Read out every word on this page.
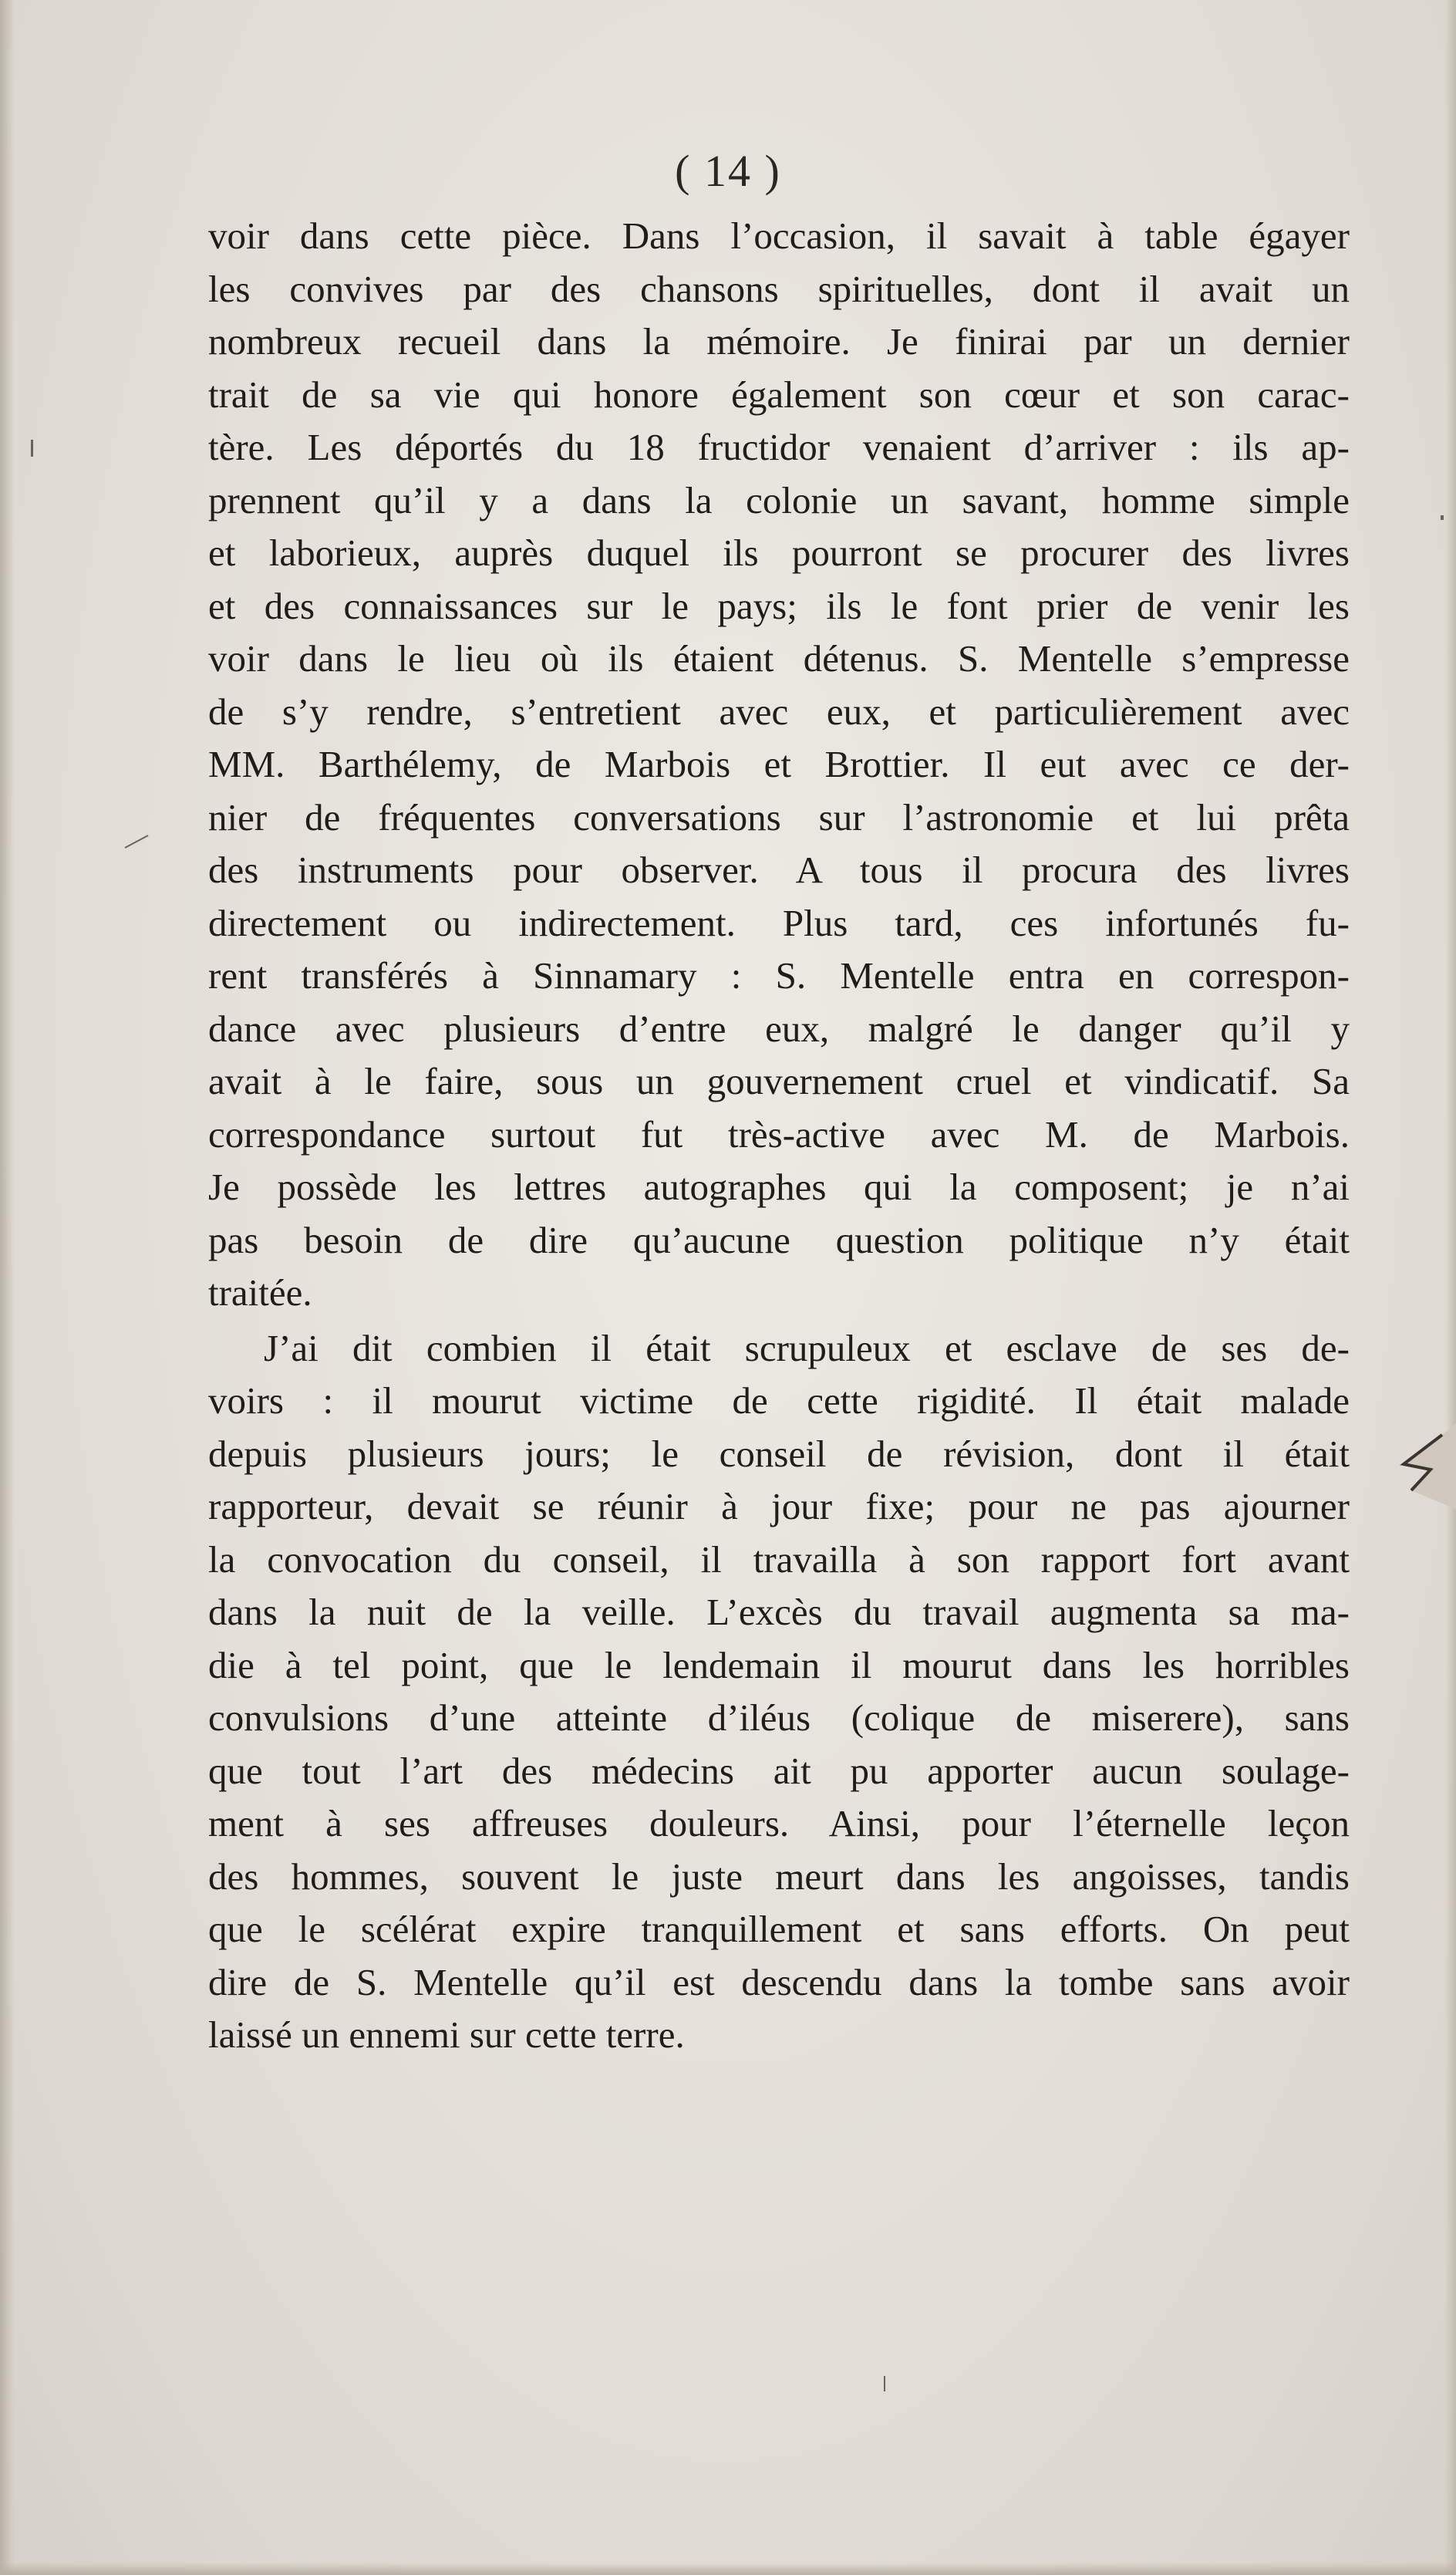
( 14 )
voir dans cette pièce. Dans l’occasion, il savait à table égayer
les convives par des chansons spirituelles, dont il avait un
nombreux recueil dans la mémoire. Je finirai par un dernier
trait de sa vie qui honore également son cœur et son carac-
tère. Les déportés du 18 fructidor venaient d’arriver : ils ap-
prennent qu’il y a dans la colonie un savant, homme simple
et laborieux, auprès duquel ils pourront se procurer des livres
et des connaissances sur le pays; ils le font prier de venir les
voir dans le lieu où ils étaient détenus. S. Mentelle s’empresse
de s’y rendre, s’entretient avec eux, et particulièrement avec
MM. Barthélemy, de Marbois et Brottier. Il eut avec ce der-
nier de fréquentes conversations sur l’astronomie et lui prêta
des instruments pour observer. A tous il procura des livres
directement ou indirectement. Plus tard, ces infortunés fu-
rent transférés à Sinnamary : S. Mentelle entra en correspon-
dance avec plusieurs d’entre eux, malgré le danger qu’il y
avait à le faire, sous un gouvernement cruel et vindicatif. Sa
correspondance surtout fut très-active avec M. de Marbois.
Je possède les lettres autographes qui la composent; je n’ai
pas besoin de dire qu’aucune question politique n’y était
traitée.
J’ai dit combien il était scrupuleux et esclave de ses de-
voirs : il mourut victime de cette rigidité. Il était malade
depuis plusieurs jours; le conseil de révision, dont il était
rapporteur, devait se réunir à jour fixe; pour ne pas ajourner
la convocation du conseil, il travailla à son rapport fort avant
dans la nuit de la veille. L’excès du travail augmenta sa ma-
die à tel point, que le lendemain il mourut dans les horribles
convulsions d’une atteinte d’iléus (colique de miserere), sans
que tout l’art des médecins ait pu apporter aucun soulage-
ment à ses affreuses douleurs. Ainsi, pour l’éternelle leçon
des hommes, souvent le juste meurt dans les angoisses, tandis
que le scélérat expire tranquillement et sans efforts. On peut
dire de S. Mentelle qu’il est descendu dans la tombe sans avoir
laissé un ennemi sur cette terre.
